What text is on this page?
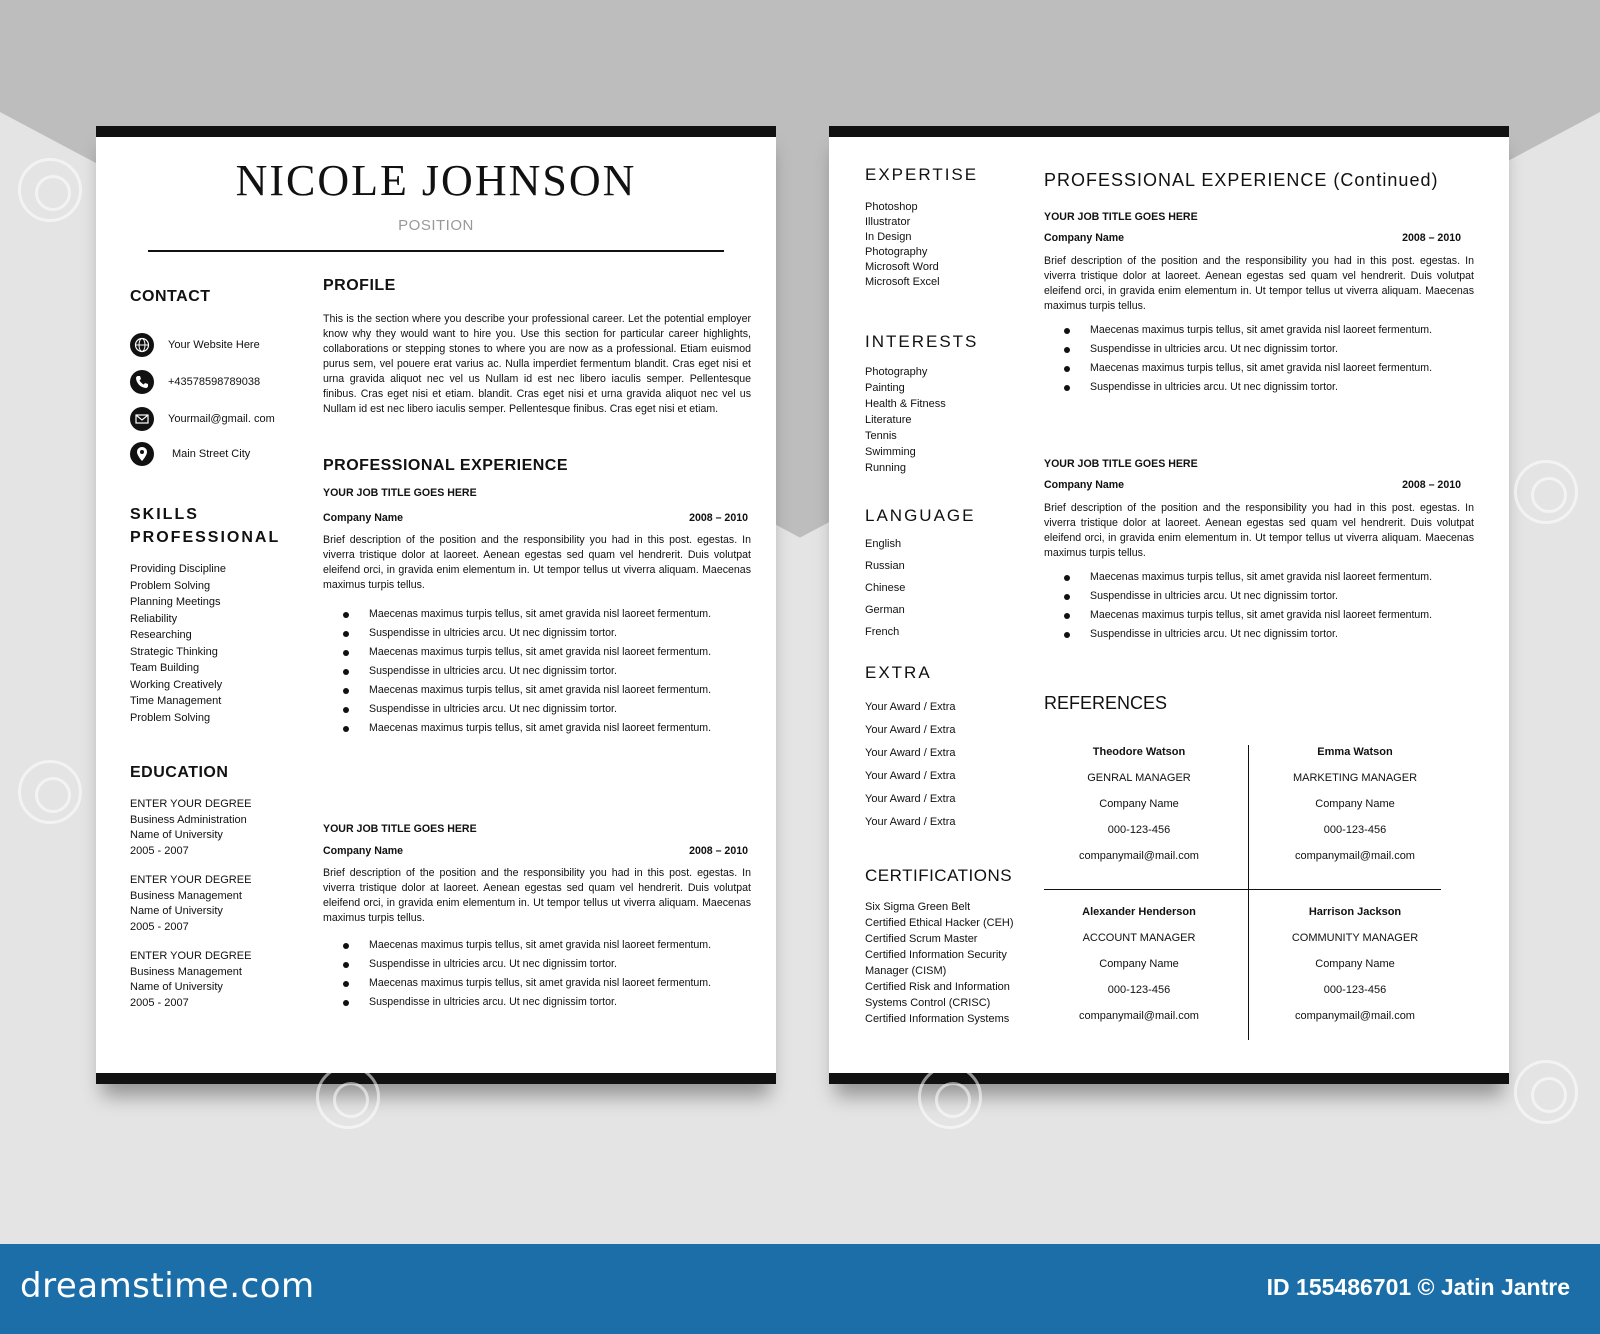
NICOLE JOHNSON
POSITION
CONTACT
Your Website Here
+43578598789038
Yourmail@gmail. com
Main Street City
SKILLS
PROFESSIONAL
Providing Discipline
Problem Solving
Planning Meetings
Reliability
Researching
Strategic Thinking
Team Building
Working Creatively
Time Management
Problem Solving
EDUCATION
ENTER YOUR DEGREE
Business Administration
Name of University
2005 - 2007
ENTER YOUR DEGREE
Business Management
Name of University
2005 - 2007
ENTER YOUR DEGREE
Business Management
Name of University
2005 - 2007
PROFILE
This is the section where you describe your professional career. Let the potential employer know why they would want to hire you. Use this section for particular career highlights, collaborations or stepping stones to where you are now as a professional. Etiam euismod purus sem, vel pouere erat varius ac. Nulla imperdiet fermentum blandit. Cras eget nisi et urna gravida aliquot nec vel us Nullam id est nec libero iaculis semper. Pellentesque finibus. Cras eget nisi et etiam. blandit. Cras eget nisi et urna gravida aliquot nec vel us Nullam id est nec libero iaculis semper. Pellentesque finibus. Cras eget nisi et etiam.
PROFESSIONAL EXPERIENCE
YOUR JOB TITLE GOES HERE
Company Name	2008 – 2010
Brief description of the position and the responsibility you had in this post. egestas. In viverra tristique dolor at laoreet. Aenean egestas sed quam vel hendrerit. Duis volutpat eleifend orci, in gravida enim elementum in. Ut tempor tellus ut viverra aliquam. Maecenas maximus turpis tellus.
Maecenas maximus turpis tellus, sit amet gravida nisl laoreet fermentum.
Suspendisse in ultricies arcu. Ut nec dignissim tortor.
Maecenas maximus turpis tellus, sit amet gravida nisl laoreet fermentum.
Suspendisse in ultricies arcu. Ut nec dignissim tortor.
Maecenas maximus turpis tellus, sit amet gravida nisl laoreet fermentum.
Suspendisse in ultricies arcu. Ut nec dignissim tortor.
Maecenas maximus turpis tellus, sit amet gravida nisl laoreet fermentum.
YOUR JOB TITLE GOES HERE
Company Name	2008 – 2010
Brief description of the position and the responsibility you had in this post. egestas. In viverra tristique dolor at laoreet. Aenean egestas sed quam vel hendrerit. Duis volutpat eleifend orci, in gravida enim elementum in. Ut tempor tellus ut viverra aliquam. Maecenas maximus turpis tellus.
Maecenas maximus turpis tellus, sit amet gravida nisl laoreet fermentum.
Suspendisse in ultricies arcu. Ut nec dignissim tortor.
Maecenas maximus turpis tellus, sit amet gravida nisl laoreet fermentum.
Suspendisse in ultricies arcu. Ut nec dignissim tortor.
EXPERTISE
Photoshop
Illustrator
In Design
Photography
Microsoft Word
Microsoft Excel
INTERESTS
Photography
Painting
Health & Fitness
Literature
Tennis
Swimming
Running
LANGUAGE
English
Russian
Chinese
German
French
EXTRA
Your Award / Extra
Your Award / Extra
Your Award / Extra
Your Award / Extra
Your Award / Extra
Your Award / Extra
CERTIFICATIONS
Six Sigma Green Belt
Certified Ethical Hacker (CEH)
Certified Scrum Master
Certified Information Security
Manager (CISM)
Certified Risk and Information
Systems Control (CRISC)
Certified Information Systems
PROFESSIONAL EXPERIENCE (Continued)
YOUR JOB TITLE GOES HERE
Company Name	2008 – 2010
Brief description of the position and the responsibility you had in this post. egestas. In viverra tristique dolor at laoreet. Aenean egestas sed quam vel hendrerit. Duis volutpat eleifend orci, in gravida enim elementum in. Ut tempor tellus ut viverra aliquam. Maecenas maximus turpis tellus.
Maecenas maximus turpis tellus, sit amet gravida nisl laoreet fermentum.
Suspendisse in ultricies arcu. Ut nec dignissim tortor.
Maecenas maximus turpis tellus, sit amet gravida nisl laoreet fermentum.
Suspendisse in ultricies arcu. Ut nec dignissim tortor.
YOUR JOB TITLE GOES HERE
Company Name	2008 – 2010
Brief description of the position and the responsibility you had in this post. egestas. In viverra tristique dolor at laoreet. Aenean egestas sed quam vel hendrerit. Duis volutpat eleifend orci, in gravida enim elementum in. Ut tempor tellus ut viverra aliquam. Maecenas maximus turpis tellus.
Maecenas maximus turpis tellus, sit amet gravida nisl laoreet fermentum.
Suspendisse in ultricies arcu. Ut nec dignissim tortor.
Maecenas maximus turpis tellus, sit amet gravida nisl laoreet fermentum.
Suspendisse in ultricies arcu. Ut nec dignissim tortor.
REFERENCES
Theodore Watson
GENRAL MANAGER
Company Name
000-123-456
companymail@mail.com
Emma Watson
MARKETING MANAGER
Company Name
000-123-456
companymail@mail.com
Alexander Henderson
ACCOUNT MANAGER
Company Name
000-123-456
companymail@mail.com
Harrison Jackson
COMMUNITY MANAGER
Company Name
000-123-456
companymail@mail.com
dreamstime.com	ID 155486701 © Jatin Jantre
